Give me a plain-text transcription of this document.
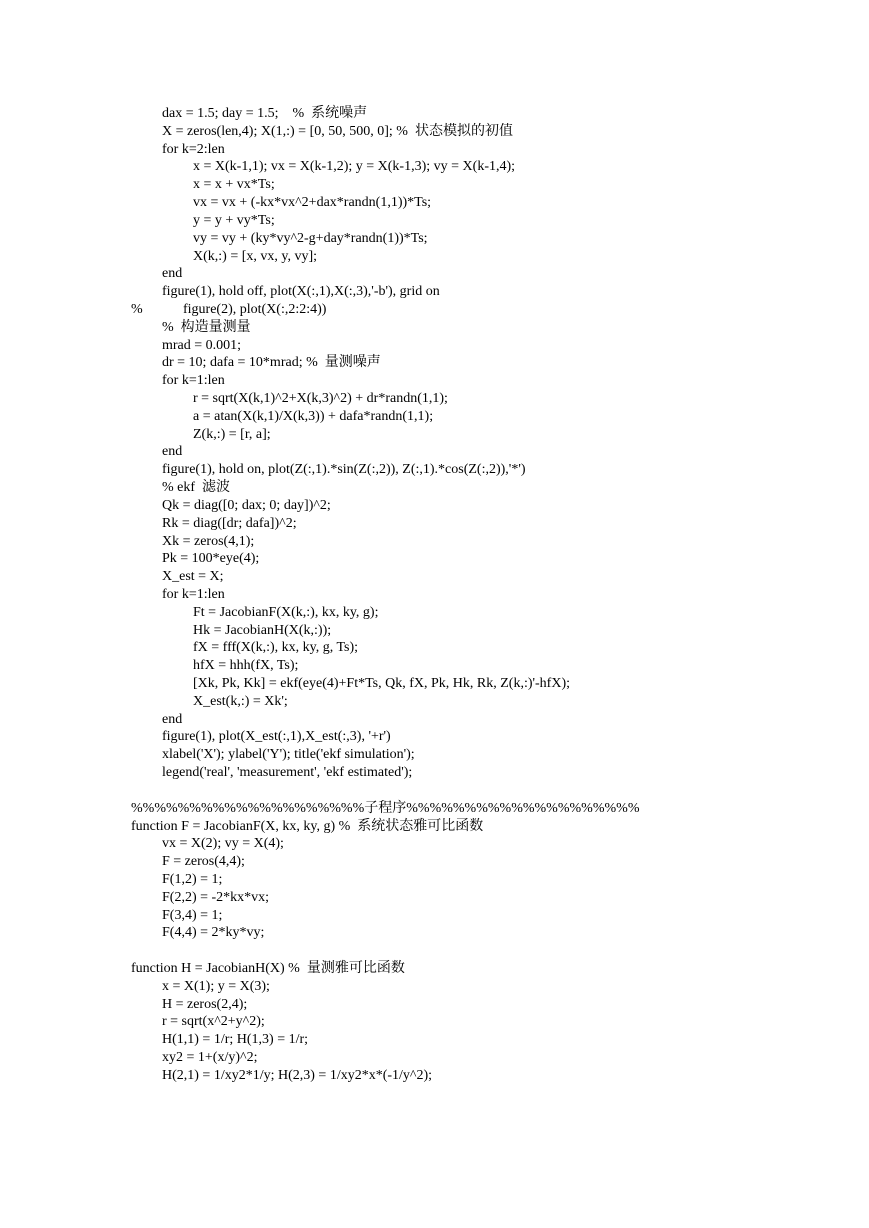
dax = 1.5; day = 1.5;    %  系统噪声
X = zeros(len,4); X(1,:) = [0, 50, 500, 0]; %  状态模拟的初值
for k=2:len
x = X(k-1,1); vx = X(k-1,2); y = X(k-1,3); vy = X(k-1,4);
x = x + vx*Ts;
vx = vx + (-kx*vx^2+dax*randn(1,1))*Ts;
y = y + vy*Ts;
vy = vy + (ky*vy^2-g+day*randn(1))*Ts;
X(k,:) = [x, vx, y, vy];
end
figure(1), hold off, plot(X(:,1),X(:,3),'-b'), grid on
%	figure(2), plot(X(:,2:2:4))
%  构造量测量
mrad = 0.001;
dr = 10; dafa = 10*mrad; %  量测噪声
for k=1:len
r = sqrt(X(k,1)^2+X(k,3)^2) + dr*randn(1,1);
a = atan(X(k,1)/X(k,3)) + dafa*randn(1,1);
Z(k,:) = [r, a];
end
figure(1), hold on, plot(Z(:,1).*sin(Z(:,2)), Z(:,1).*cos(Z(:,2)),'*')
% ekf  滤波
Qk = diag([0; dax; 0; day])^2;
Rk = diag([dr; dafa])^2;
Xk = zeros(4,1);
Pk = 100*eye(4);
X_est = X;
for k=1:len
Ft = JacobianF(X(k,:), kx, ky, g);
Hk = JacobianH(X(k,:));
fX = fff(X(k,:), kx, ky, g, Ts);
hfX = hhh(fX, Ts);
[Xk, Pk, Kk] = ekf(eye(4)+Ft*Ts, Qk, fX, Pk, Hk, Rk, Z(k,:)'-hfX);
X_est(k,:) = Xk';
end
figure(1), plot(X_est(:,1),X_est(:,3), '+r')
xlabel('X'); ylabel('Y'); title('ekf simulation');
legend('real', 'measurement', 'ekf estimated');
%%%%%%%%%%%%%%%%%%%%子程序%%%%%%%%%%%%%%%%%%%%
function F = JacobianF(X, kx, ky, g) %  系统状态雅可比函数
vx = X(2); vy = X(4);
F = zeros(4,4);
F(1,2) = 1;
F(2,2) = -2*kx*vx;
F(3,4) = 1;
F(4,4) = 2*ky*vy;
function H = JacobianH(X) %  量测雅可比函数
x = X(1); y = X(3);
H = zeros(2,4);
r = sqrt(x^2+y^2);
H(1,1) = 1/r; H(1,3) = 1/r;
xy2 = 1+(x/y)^2;
H(2,1) = 1/xy2*1/y; H(2,3) = 1/xy2*x*(-1/y^2);
